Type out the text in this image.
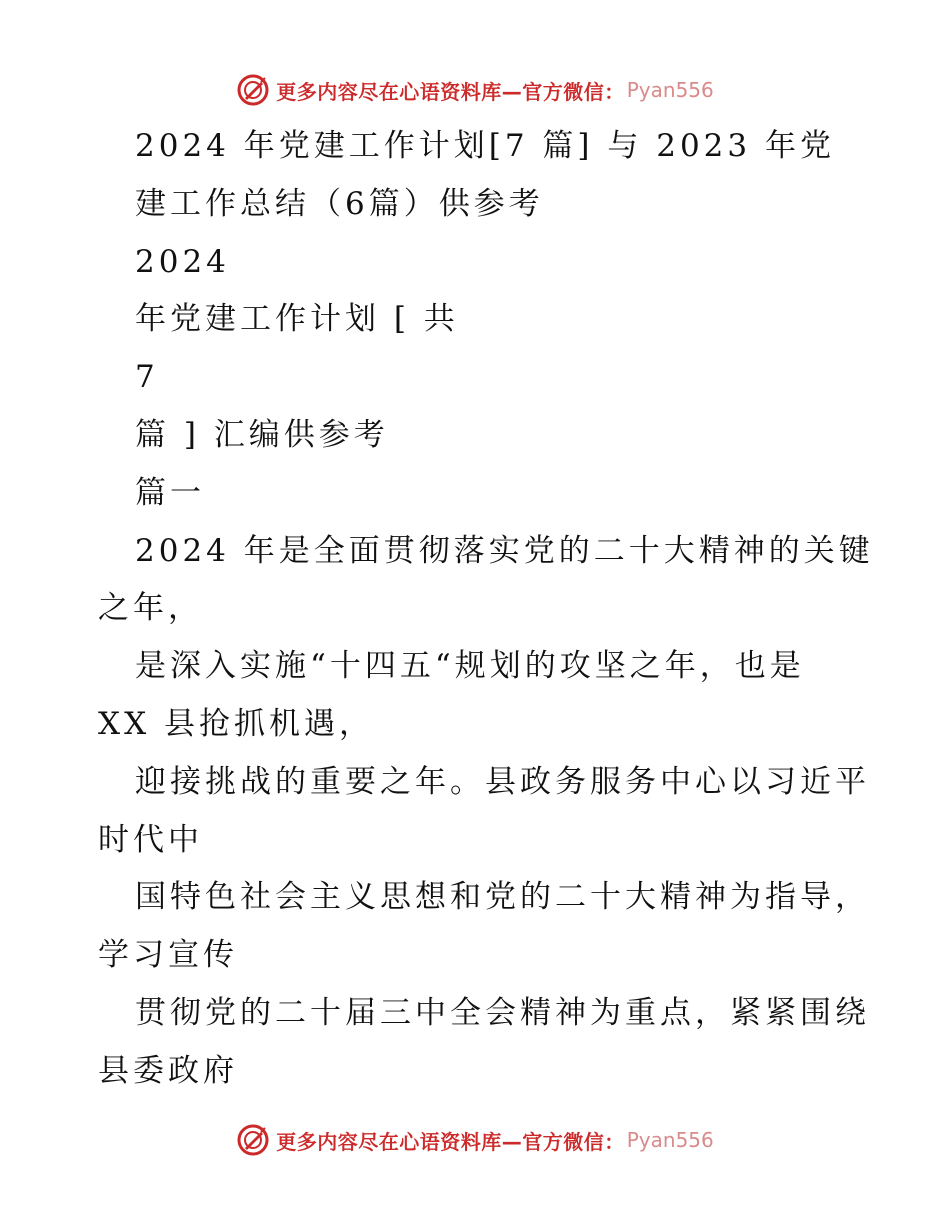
更多内容尽在心语资料库—官方微信： Pyan556
2024 年党建工作计划[7 篇] 与 2023 年党
建工作总结（6篇）供参考
2024
年党建工作计划 [ 共
7
篇 ] 汇编供参考
篇一
2024 年是全面贯彻落实党的二十大精神的关键
之年，
是深入实施“十四五“规划的攻坚之年，也是
XX 县抢抓机遇，
迎接挑战的重要之年。县政务服务中心以习近平
时代中
国特色社会主义思想和党的二十大精神为指导，
学习宣传
贯彻党的二十届三中全会精神为重点，紧紧围绕
县委政府
更多内容尽在心语资料库—官方微信： Pyan556
